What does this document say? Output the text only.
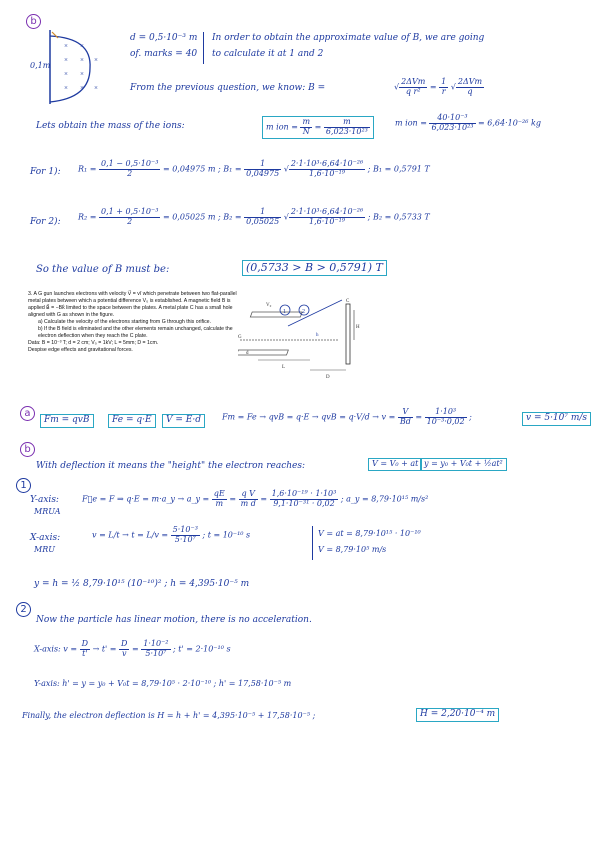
b
× ×
× × ×
× ×
× × ×
0,1m
d = 0,5·10⁻³ m
of. marks = 40
In order to obtain the approximate value of B, we are going
to calculate it at 1 and 2
From the previous question, we know: B =	√ $\frac{\text{2ΔVm}}{\text{q r²}} = \frac{1}{r}$ √ $\frac{\text{2ΔVm}}{q}$
Lets obtain the mass of the ions:	m ion = $\frac{m}{N} = \frac{m}{\text{6,023·10²³}}$	m ion = $\frac{\text{40·10⁻³}}{\text{6,023·10²³}} = 6,64\cdot 10^{-26}$ kg
For 1): $R_1 = \frac{\text{0,1 − 0,5·10⁻³}}{2} = 0,04975$ m ; $B_1 = \frac{1}{0,04975}$ √ $\frac{\text{2·1·10³·6,64·10⁻²⁶}}{\text{1,6·10⁻¹⁹}}$ ; B₁ = 0,5791 T
For 2):
$R_2 = \frac{\text{0,1 + 0,5·10⁻³}}{2} = 0,05025$ m ; $B_2 = \frac{1}{0,05025}$ √ $\frac{\text{2·1·10³·6,64·10⁻²⁶}}{\text{1,6·10⁻¹⁹}}$ ; B₂ = 0,5733 T
So the value of B must be:	(0,5733 > B > 0,5791) T
3. A G gun launches electrons with velocity V⃗ = vî which penetrate between two flat-parallel metal plates between which a potential difference V₀ is established. A magnetic field B is applied B⃗ = −Bk̂ limited to the space between the plates. A metal plate C has a small hole aligned with G as shown in the figure.
a) Calculate the velocity of the electrons starting from G through this orifice.
b) If the B field is eliminated and the other elements remain unchanged, calculate the electron deflection when they reach the C plate.
Data: B = 10⁻³ T; d = 2 cm; V₀ = 1kV; L = 5mm; D = 1cm.
Despise edge effects and gravitational forces.
1	2
C
H
G
V₀
d
L
D
h
a
Fm = qvB	Fe = q·E	V = E·d	Fm = Fe → qvB = q·E → qvB = $q\cdot V/d \to v = \frac{V}{Bd} = \frac{\text{1·10³}}{\text{10⁻³·0,02}}$ ;	v = 5·10⁷ m/s
b
With deflection it means the "height" the electron reaches:	V = V₀ + at y = y₀ + V₀t + ½at²
1
Y-axis:
MRUA
F⃗e = F ⇒ q·E = m·a_y → a_y = $\frac{qE}{m} = \frac{\text{q V}}{\text{m d}} = \frac{\text{1,6·10⁻¹⁹ · 1·10³}}{\text{9,1·10⁻³¹ · 0,02}}$ ; a_y = 8,79·10¹⁵ m/s²
X-axis:
MRU
$v = L/t \to t = L/v = \frac{\text{5·10⁻³}}{\text{5·10⁷}}$ ; t = 10⁻¹⁰ s	V = at = 8,79·10¹⁵ · 10⁻¹⁰
V = 8,79·10⁵ m/s
y = h = ½ 8,79·10¹⁵ (10⁻¹⁰)² ; h = 4,395·10⁻⁵ m
2
Now the particle has linear motion, there is no acceleration.
X-axis: $v = \frac{D}{t'} \to t' = \frac{D}{v} = \frac{\text{1·10⁻²}}{\text{5·10⁷}}$ ; t' = 2·10⁻¹⁰ s
Y-axis: h' = y = y₀ + V₀t = 8,79·10⁵ · 2·10⁻¹⁰ ; h' = 17,58·10⁻⁵ m
Finally, the electron deflection is H = h + h' = 4,395·10⁻⁵ + 17,58·10⁻⁵ ;	H = 2,20·10⁻⁴ m
